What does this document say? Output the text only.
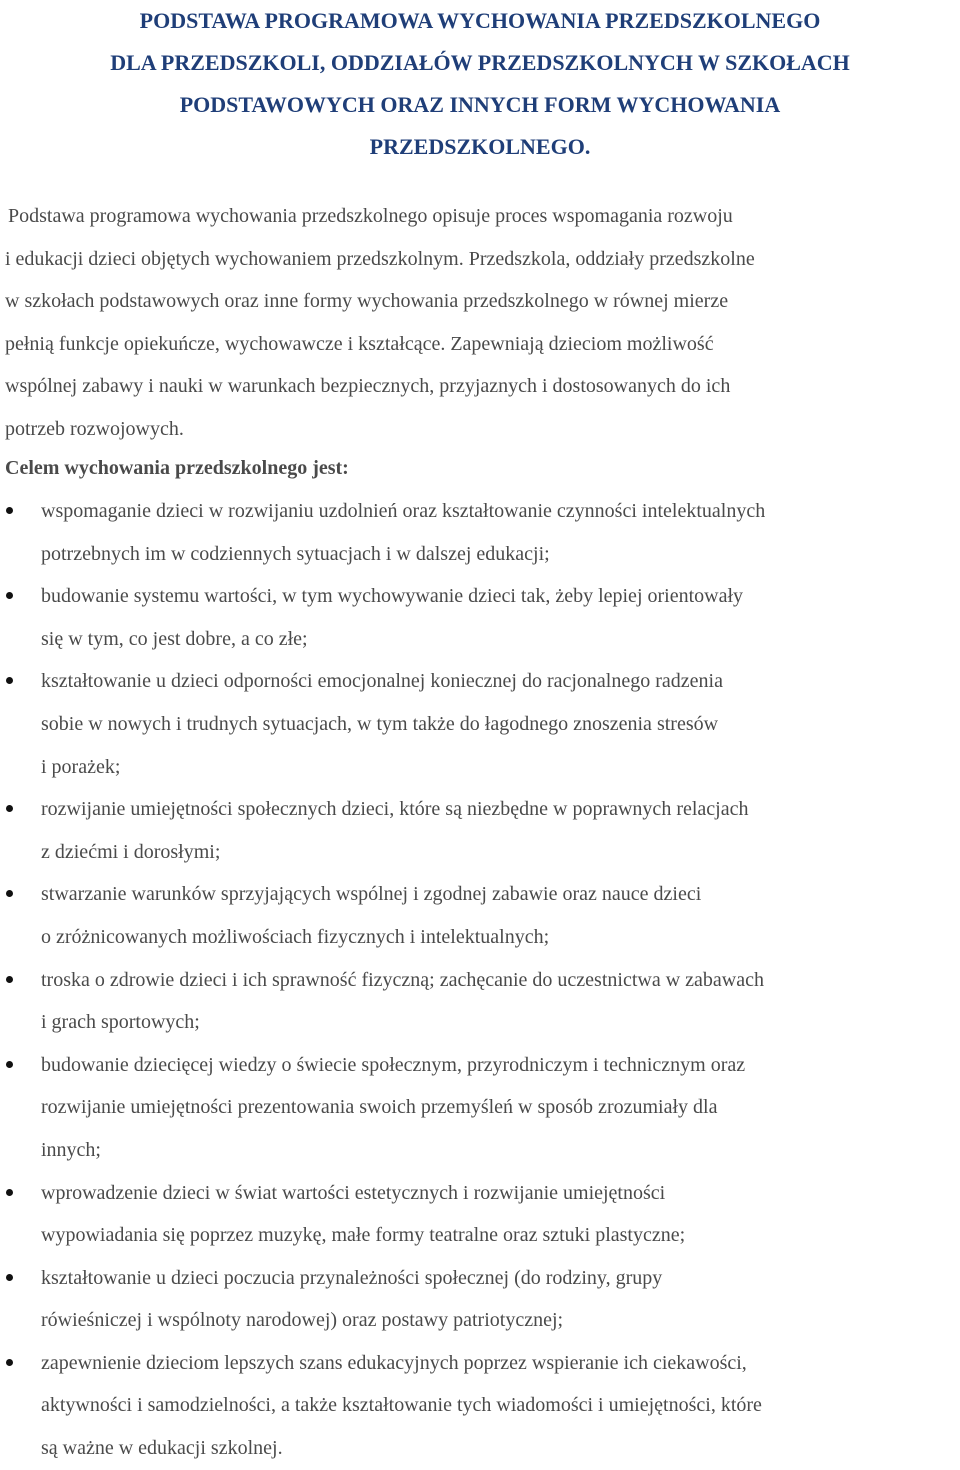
PODSTAWA PROGRAMOWA WYCHOWANIA PRZEDSZKOLNEGO
DLA PRZEDSZKOLI, ODDZIAŁÓW PRZEDSZKOLNYCH W SZKOŁACH
PODSTAWOWYCH ORAZ INNYCH FORM WYCHOWANIA
PRZEDSZKOLNEGO.

Podstawa programowa wychowania przedszkolnego opisuje proces wspomagania rozwoju
i edukacji dzieci objętych wychowaniem przedszkolnym. Przedszkola, oddziały przedszkolne
w szkołach podstawowych oraz inne formy wychowania przedszkolnego w równej mierze
pełnią funkcje opiekuńcze, wychowawcze i kształcące. Zapewniają dzieciom możliwość
wspólnej zabawy i nauki w warunkach bezpiecznych, przyjaznych i dostosowanych do ich
potrzeb rozwojowych.

Celem wychowania przedszkolnego jest:

wspomaganie dzieci w rozwijaniu uzdolnień oraz kształtowanie czynności intelektualnych
potrzebnych im w codziennych sytuacjach i w dalszej edukacji;
budowanie systemu wartości, w tym wychowywanie dzieci tak, żeby lepiej orientowały
się w tym, co jest dobre, a co złe;
kształtowanie u dzieci odporności emocjonalnej koniecznej do racjonalnego radzenia
sobie w nowych i trudnych sytuacjach, w tym także do łagodnego znoszenia stresów
i porażek;
rozwijanie umiejętności społecznych dzieci, które są niezbędne w poprawnych relacjach
z dziećmi i dorosłymi;
stwarzanie warunków sprzyjających wspólnej i zgodnej zabawie oraz nauce dzieci
o zróżnicowanych możliwościach fizycznych i intelektualnych;
troska o zdrowie dzieci i ich sprawność fizyczną; zachęcanie do uczestnictwa w zabawach
i grach sportowych;
budowanie dziecięcej wiedzy o świecie społecznym, przyrodniczym i technicznym oraz
rozwijanie umiejętności prezentowania swoich przemyśleń w sposób zrozumiały dla
innych;
wprowadzenie dzieci w świat wartości estetycznych i rozwijanie umiejętności
wypowiadania się poprzez muzykę, małe formy teatralne oraz sztuki plastyczne;
kształtowanie u dzieci poczucia przynależności społecznej (do rodziny, grupy
rówieśniczej i wspólnoty narodowej) oraz postawy patriotycznej;
zapewnienie dzieciom lepszych szans edukacyjnych poprzez wspieranie ich ciekawości,
aktywności i samodzielności, a także kształtowanie tych wiadomości i umiejętności, które
są ważne w edukacji szkolnej.
